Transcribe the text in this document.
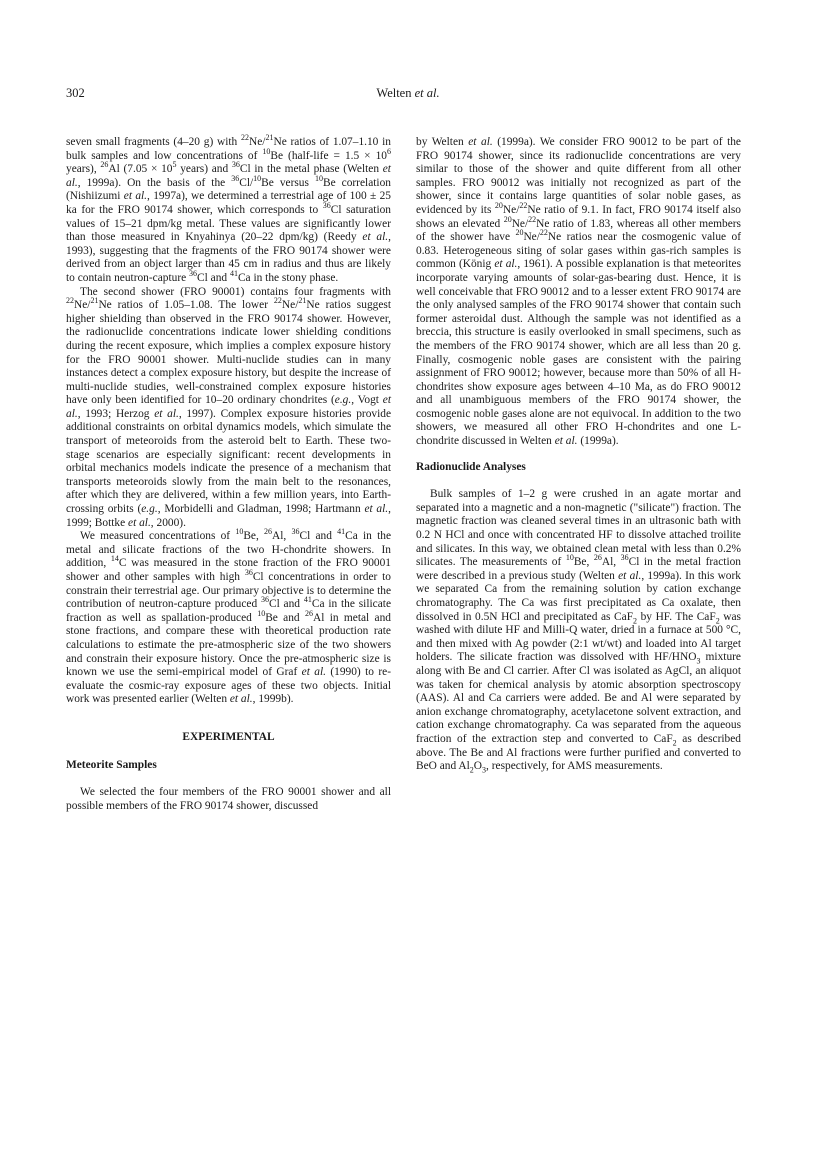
302	Welten et al.

seven small fragments (4–20 g) with $^{22}$Ne/$^{21}$Ne ratios of 1.07–1.10 in bulk samples and low concentrations of $^{10}$Be (half-life = $1.5 \times 10^6$ years), $^{26}$Al ($7.05 \times 10^5$ years) and $^{36}$Cl in the metal phase (Welten et al., 1999a). On the basis of the $^{36}$Cl/$^{10}$Be versus $^{10}$Be correlation (Nishiizumi et al., 1997a), we determined a terrestrial age of 100 ± 25 ka for the FRO 90174 shower, which corresponds to $^{36}$Cl saturation values of 15–21 dpm/kg metal. These values are significantly lower than those measured in Knyahinya (20–22 dpm/kg) (Reedy et al., 1993), suggesting that the fragments of the FRO 90174 shower were derived from an object larger than 45 cm in radius and thus are likely to contain neutron-capture $^{36}$Cl and $^{41}$Ca in the stony phase.

The second shower (FRO 90001) contains four fragments with $^{22}$Ne/$^{21}$Ne ratios of 1.05–1.08. The lower $^{22}$Ne/$^{21}$Ne ratios suggest higher shielding than observed in the FRO 90174 shower. However, the radionuclide concentrations indicate lower shielding conditions during the recent exposure, which implies a complex exposure history for the FRO 90001 shower. Multi-nuclide studies can in many instances detect a complex exposure history, but despite the increase of multi-nuclide studies, well-constrained complex exposure histories have only been identified for 10–20 ordinary chondrites (e.g., Vogt et al., 1993; Herzog et al., 1997). Complex exposure histories provide additional constraints on orbital dynamics models, which simulate the transport of meteoroids from the asteroid belt to Earth. These two-stage scenarios are especially significant: recent developments in orbital mechanics models indicate the presence of a mechanism that transports meteoroids slowly from the main belt to the resonances, after which they are delivered, within a few million years, into Earth-crossing orbits (e.g., Morbidelli and Gladman, 1998; Hartmann et al., 1999; Bottke et al., 2000).

We measured concentrations of $^{10}$Be, $^{26}$Al, $^{36}$Cl and $^{41}$Ca in the metal and silicate fractions of the two H-chondrite showers. In addition, $^{14}$C was measured in the stone fraction of the FRO 90001 shower and other samples with high $^{36}$Cl concentrations in order to constrain their terrestrial age. Our primary objective is to determine the contribution of neutron-capture produced $^{36}$Cl and $^{41}$Ca in the silicate fraction as well as spallation-produced $^{10}$Be and $^{26}$Al in metal and stone fractions, and compare these with theoretical production rate calculations to estimate the pre-atmospheric size of the two showers and constrain their exposure history. Once the pre-atmospheric size is known we use the semi-empirical model of Graf et al. (1990) to re-evaluate the cosmic-ray exposure ages of these two objects. Initial work was presented earlier (Welten et al., 1999b).

EXPERIMENTAL
Meteorite Samples

We selected the four members of the FRO 90001 shower and all possible members of the FRO 90174 shower, discussed

by Welten et al. (1999a). We consider FRO 90012 to be part of the FRO 90174 shower, since its radionuclide concentrations are very similar to those of the shower and quite different from all other samples. FRO 90012 was initially not recognized as part of the shower, since it contains large quantities of solar noble gases, as evidenced by its $^{20}$Ne/$^{22}$Ne ratio of 9.1. In fact, FRO 90174 itself also shows an elevated $^{20}$Ne/$^{22}$Ne ratio of 1.83, whereas all other members of the shower have $^{20}$Ne/$^{22}$Ne ratios near the cosmogenic value of 0.83. Heterogeneous siting of solar gases within gas-rich samples is common (König et al., 1961). A possible explanation is that meteorites incorporate varying amounts of solar-gas-bearing dust. Hence, it is well conceivable that FRO 90012 and to a lesser extent FRO 90174 are the only analysed samples of the FRO 90174 shower that contain such former asteroidal dust. Although the sample was not identified as a breccia, this structure is easily overlooked in small specimens, such as the members of the FRO 90174 shower, which are all less than 20 g. Finally, cosmogenic noble gases are consistent with the pairing assignment of FRO 90012; however, because more than 50% of all H-chondrites show exposure ages between 4–10 Ma, as do FRO 90012 and all unambiguous members of the FRO 90174 shower, the cosmogenic noble gases alone are not equivocal. In addition to the two showers, we measured all other FRO H-chondrites and one L-chondrite discussed in Welten et al. (1999a).

Radionuclide Analyses

Bulk samples of 1–2 g were crushed in an agate mortar and separated into a magnetic and a non-magnetic ("silicate") fraction. The magnetic fraction was cleaned several times in an ultrasonic bath with 0.2 N HCl and once with concentrated HF to dissolve attached troilite and silicates. In this way, we obtained clean metal with less than 0.2% silicates. The measurements of $^{10}$Be, $^{26}$Al, $^{36}$Cl in the metal fraction were described in a previous study (Welten et al., 1999a). In this work we separated Ca from the remaining solution by cation exchange chromatography. The Ca was first precipitated as Ca oxalate, then dissolved in 0.5N HCl and precipitated as CaF$_2$ by HF. The CaF$_2$ was washed with dilute HF and Milli-Q water, dried in a furnace at 500 °C, and then mixed with Ag powder (2:1 wt/wt) and loaded into Al target holders. The silicate fraction was dissolved with $HF/HNO_3$ mixture along with Be and Cl carrier. After Cl was isolated as AgCl, an aliquot was taken for chemical analysis by atomic absorption spectroscopy (AAS). Al and Ca carriers were added. Be and Al were separated by anion exchange chromatography, acetylacetone solvent extraction, and cation exchange chromatography. Ca was separated from the aqueous fraction of the extraction step and converted to CaF$_2$ as described above. The Be and Al fractions were further purified and converted to BeO and $Al_2O_3$, respectively, for AMS measurements.
